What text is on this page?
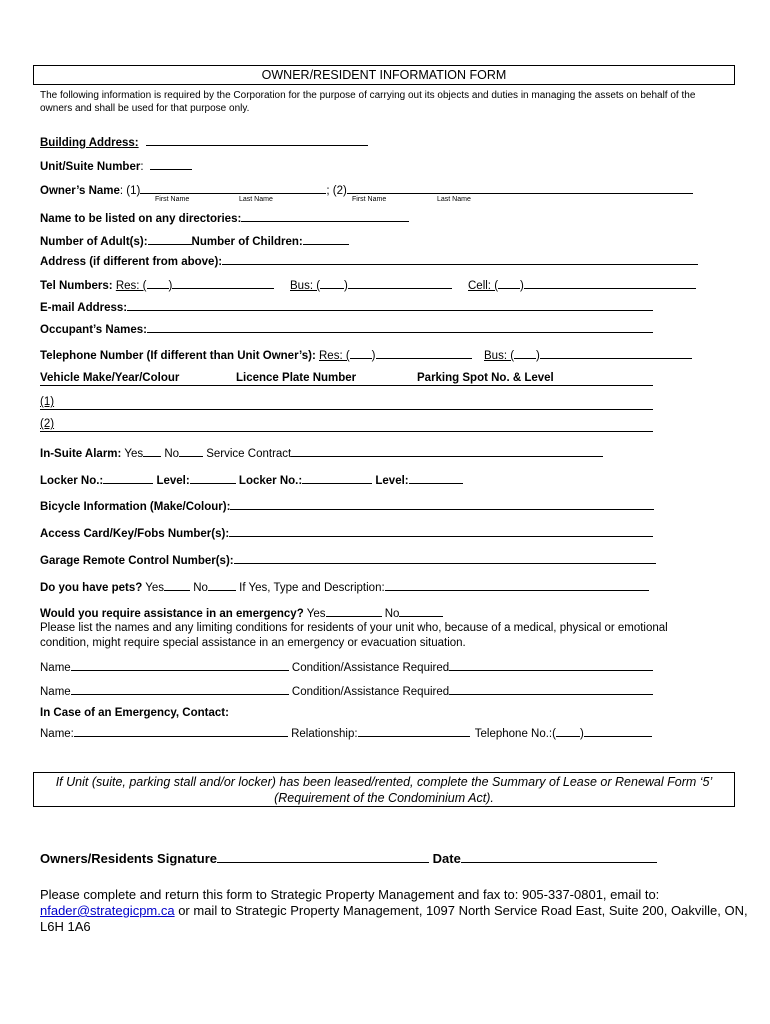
OWNER/RESIDENT INFORMATION FORM
The following information is required by the Corporation for the purpose of carrying out its objects and duties in managing the assets on behalf of the
owners and shall be used for that purpose only.
Building Address:
Unit/Suite Number:
Owner’s Name: (1)	; (2)
First Name	Last Name	First Name	Last Name
Name to be listed on any directories:
Number of Adult(s):	Number of Children:
Address (if different from above):
Tel Numbers: Res: ( )	Bus: ( )	Cell: ( )
E-mail Address:
Occupant’s Names:
Telephone Number (If different than Unit Owner’s): Res: ( )	Bus: ( )
Vehicle Make/Year/Colour	Licence Plate Number	Parking Spot No. & Level
(1)
(2)
In-Suite Alarm: Yes No Service Contract
Locker No.:	Level:	Locker No.:	Level:
Bicycle Information (Make/Colour):
Access Card/Key/Fobs Number(s):
Garage Remote Control Number(s):
Do you have pets? Yes	No	If Yes, Type and Description:
Would you require assistance in an emergency? Yes	No
Please list the names and any limiting conditions for residents of your unit who, because of a medical, physical or emotional
condition, might require special assistance in an emergency or evacuation situation.
Name	Condition/Assistance Required
Name	Condition/Assistance Required
In Case of an Emergency, Contact:
Name:	Relationship:	Telephone No.:( )
If Unit (suite, parking stall and/or locker) has been leased/rented, complete the Summary of Lease or Renewal Form ‘5’
(Requirement of the Condominium Act).
Owners/Residents Signature	Date
Please complete and return this form to Strategic Property Management and fax to: 905-337-0801, email to:
nfader@strategicpm.ca or mail to Strategic Property Management, 1097 North Service Road East, Suite 200, Oakville, ON,
L6H 1A6
